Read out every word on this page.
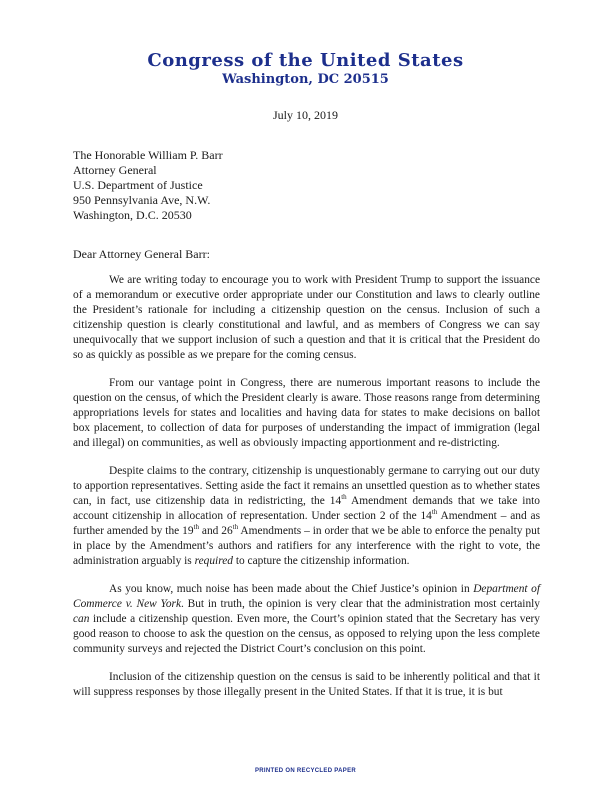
Congress of the United States
Washington, DC 20515
July 10, 2019
The Honorable William P. Barr
Attorney General
U.S. Department of Justice
950 Pennsylvania Ave, N.W.
Washington, D.C. 20530
Dear Attorney General Barr:

We are writing today to encourage you to work with President Trump to support the issuance of a memorandum or executive order appropriate under our Constitution and laws to clearly outline the President’s rationale for including a citizenship question on the census. Inclusion of such a citizenship question is clearly constitutional and lawful, and as members of Congress we can say unequivocally that we support inclusion of such a question and that it is critical that the President do so as quickly as possible as we prepare for the coming census.

From our vantage point in Congress, there are numerous important reasons to include the question on the census, of which the President clearly is aware. Those reasons range from determining appropriations levels for states and localities and having data for states to make decisions on ballot box placement, to collection of data for purposes of understanding the impact of immigration (legal and illegal) on communities, as well as obviously impacting apportionment and re-districting.

Despite claims to the contrary, citizenship is unquestionably germane to carrying out our duty to apportion representatives. Setting aside the fact it remains an unsettled question as to whether states can, in fact, use citizenship data in redistricting, the 14th Amendment demands that we take into account citizenship in allocation of representation. Under section 2 of the 14th Amendment – and as further amended by the 19th and 26th Amendments – in order that we be able to enforce the penalty put in place by the Amendment’s authors and ratifiers for any interference with the right to vote, the administration arguably is required to capture the citizenship information.

As you know, much noise has been made about the Chief Justice’s opinion in Department of Commerce v. New York. But in truth, the opinion is very clear that the administration most certainly can include a citizenship question. Even more, the Court’s opinion stated that the Secretary has very good reason to choose to ask the question on the census, as opposed to relying upon the less complete community surveys and rejected the District Court’s conclusion on this point.

Inclusion of the citizenship question on the census is said to be inherently political and that it will suppress responses by those illegally present in the United States. If that it is true, it is but

PRINTED ON RECYCLED PAPER
